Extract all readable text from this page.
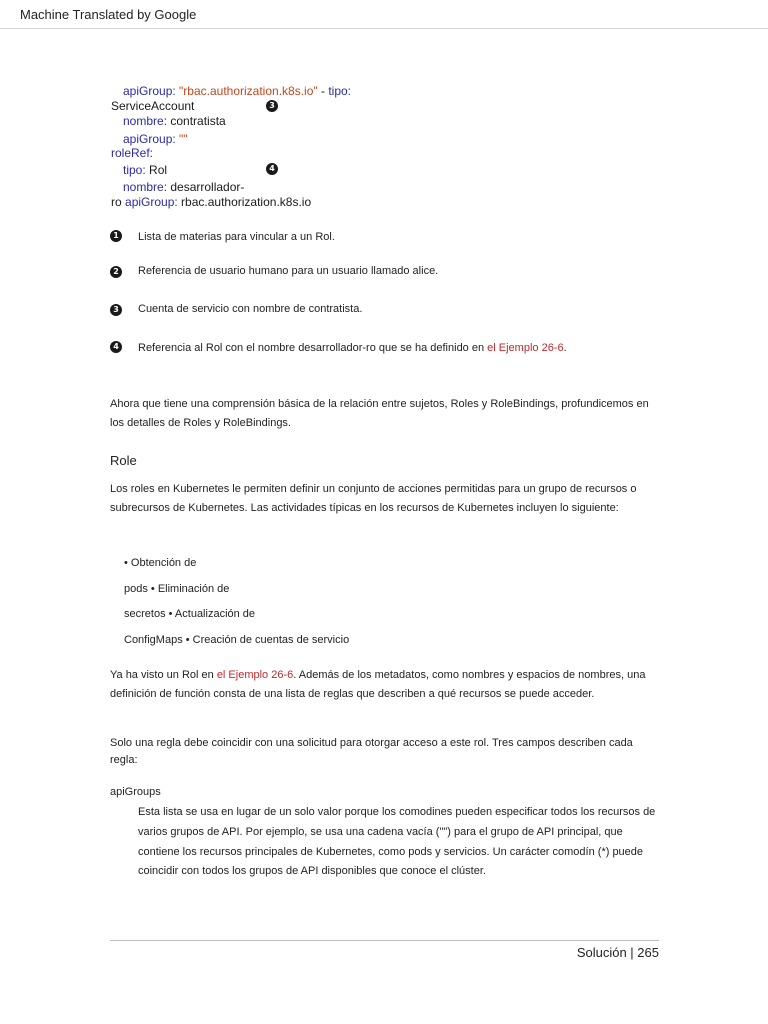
Machine Translated by Google
apiGroup: "rbac.authorization.k8s.io" - tipo:
ServiceAccount	3
nombre: contratista
apiGroup: ""
roleRef:
tipo: Rol	4
nombre: desarrollador-
ro apiGroup: rbac.authorization.k8s.io
1 Lista de materias para vincular a un Rol.
2 Referencia de usuario humano para un usuario llamado alice.
3 Cuenta de servicio con nombre de contratista.
4 Referencia al Rol con el nombre desarrollador-ro que se ha definido en el Ejemplo 26-6.
Ahora que tiene una comprensión básica de la relación entre sujetos, Roles y RoleBindings, profundicemos en
los detalles de Roles y RoleBindings.
Role
Los roles en Kubernetes le permiten definir un conjunto de acciones permitidas para un grupo de recursos o
subrecursos de Kubernetes. Las actividades típicas en los recursos de Kubernetes incluyen lo siguiente:
• Obtención de
pods • Eliminación de
secretos • Actualización de
ConfigMaps • Creación de cuentas de servicio
Ya ha visto un Rol en el Ejemplo 26-6. Además de los metadatos, como nombres y espacios de nombres, una
definición de función consta de una lista de reglas que describen a qué recursos se puede acceder.
Solo una regla debe coincidir con una solicitud para otorgar acceso a este rol. Tres campos describen cada
regla:
apiGroups
Esta lista se usa en lugar de un solo valor porque los comodines pueden especificar todos los recursos de
varios grupos de API. Por ejemplo, se usa una cadena vacía ("") para el grupo de API principal, que
contiene los recursos principales de Kubernetes, como pods y servicios. Un carácter comodín (*) puede
coincidir con todos los grupos de API disponibles que conoce el clúster.
Solución | 265
